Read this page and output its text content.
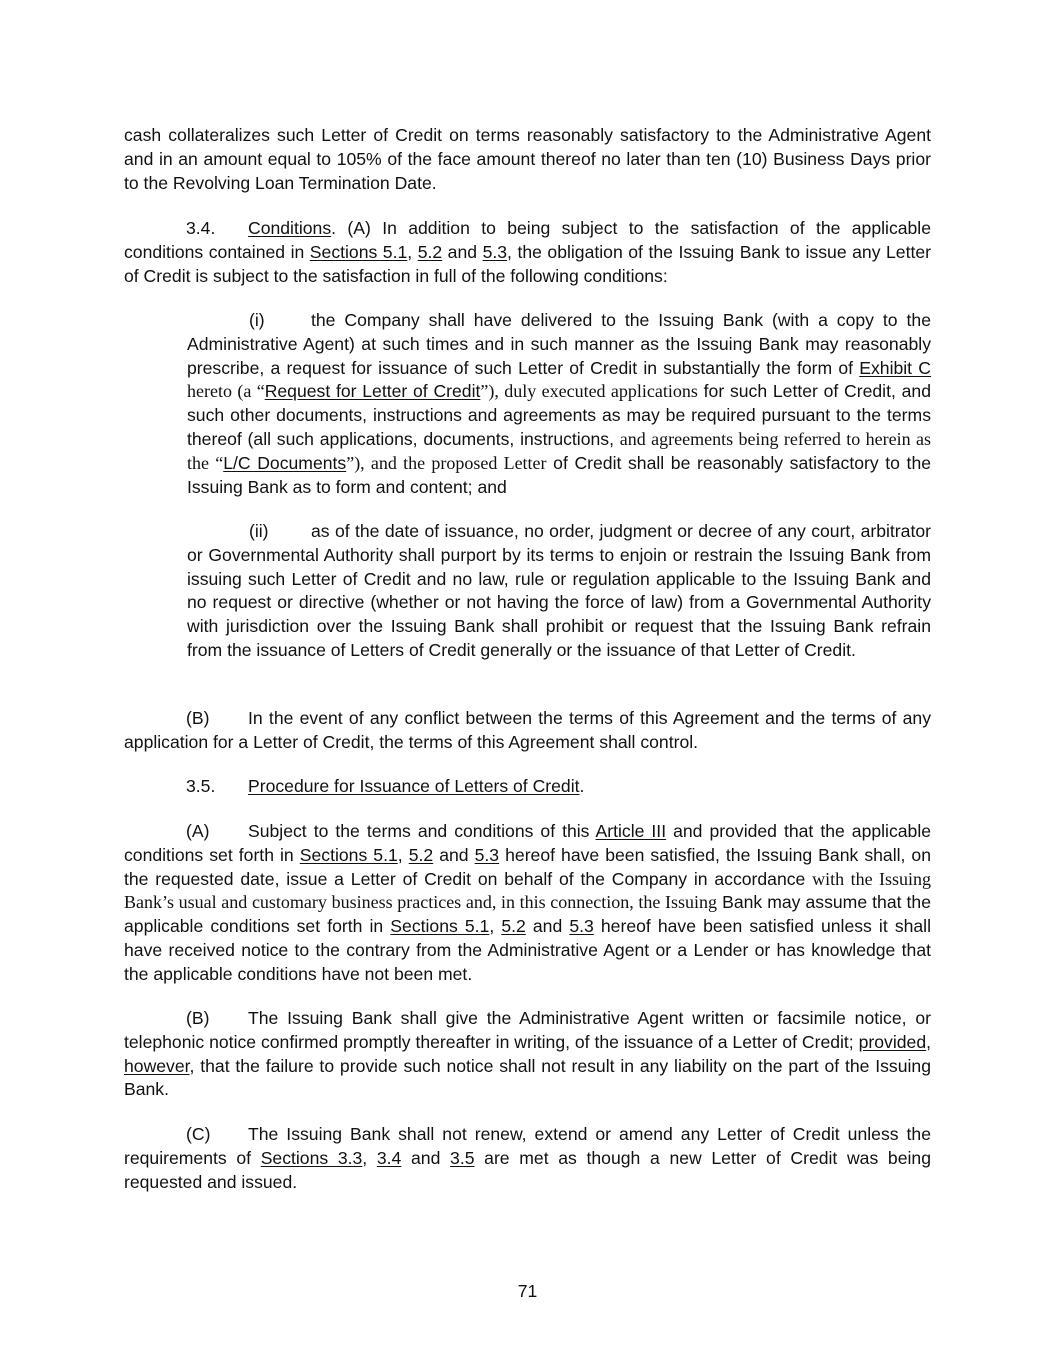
cash collateralizes such Letter of Credit on terms reasonably satisfactory to the Administrative Agent and in an amount equal to 105% of the face amount thereof no later than ten (10) Business Days prior to the Revolving Loan Termination Date.

3.4. Conditions. (A) In addition to being subject to the satisfaction of the applicable conditions contained in Sections 5.1, 5.2 and 5.3, the obligation of the Issuing Bank to issue any Letter of Credit is subject to the satisfaction in full of the following conditions:

(i)	the Company shall have delivered to the Issuing Bank (with a copy to the Administrative Agent) at such times and in such manner as the Issuing Bank may reasonably prescribe, a request for issuance of such Letter of Credit in substantially the form of Exhibit C hereto (a “Request for Letter of Credit”), duly executed applications for such Letter of Credit, and such other documents, instructions and agreements as may be required pursuant to the terms thereof (all such applications, documents, instructions, and agreements being referred to herein as the “L/C Documents”), and the proposed Letter of Credit shall be reasonably satisfactory to the Issuing Bank as to form and content; and

(ii) as of the date of issuance, no order, judgment or decree of any court, arbitrator or Governmental Authority shall purport by its terms to enjoin or restrain the Issuing Bank from issuing such Letter of Credit and no law, rule or regulation applicable to the Issuing Bank and no request or directive (whether or not having the force of law) from a Governmental Authority with jurisdiction over the Issuing Bank shall prohibit or request that the Issuing Bank refrain from the issuance of Letters of Credit generally or the issuance of that Letter of Credit.

(B) In the event of any conflict between the terms of this Agreement and the terms of any application for a Letter of Credit, the terms of this Agreement shall control.

3.5. Procedure for Issuance of Letters of Credit.

(A) Subject to the terms and conditions of this Article III and provided that the applicable conditions set forth in Sections 5.1, 5.2 and 5.3 hereof have been satisfied, the Issuing Bank shall, on the requested date, issue a Letter of Credit on behalf of the Company in accordance with the Issuing Bank’s usual and customary business practices and, in this connection, the Issuing Bank may assume that the applicable conditions set forth in Sections 5.1, 5.2 and 5.3 hereof have been satisfied unless it shall have received notice to the contrary from the Administrative Agent or a Lender or has knowledge that the applicable conditions have not been met.

(B) The Issuing Bank shall give the Administrative Agent written or facsimile notice, or telephonic notice confirmed promptly thereafter in writing, of the issuance of a Letter of Credit; provided, however, that the failure to provide such notice shall not result in any liability on the part of the Issuing Bank.

(C) The Issuing Bank shall not renew, extend or amend any Letter of Credit unless the requirements of Sections 3.3, 3.4 and 3.5 are met as though a new Letter of Credit was being requested and issued.

71
